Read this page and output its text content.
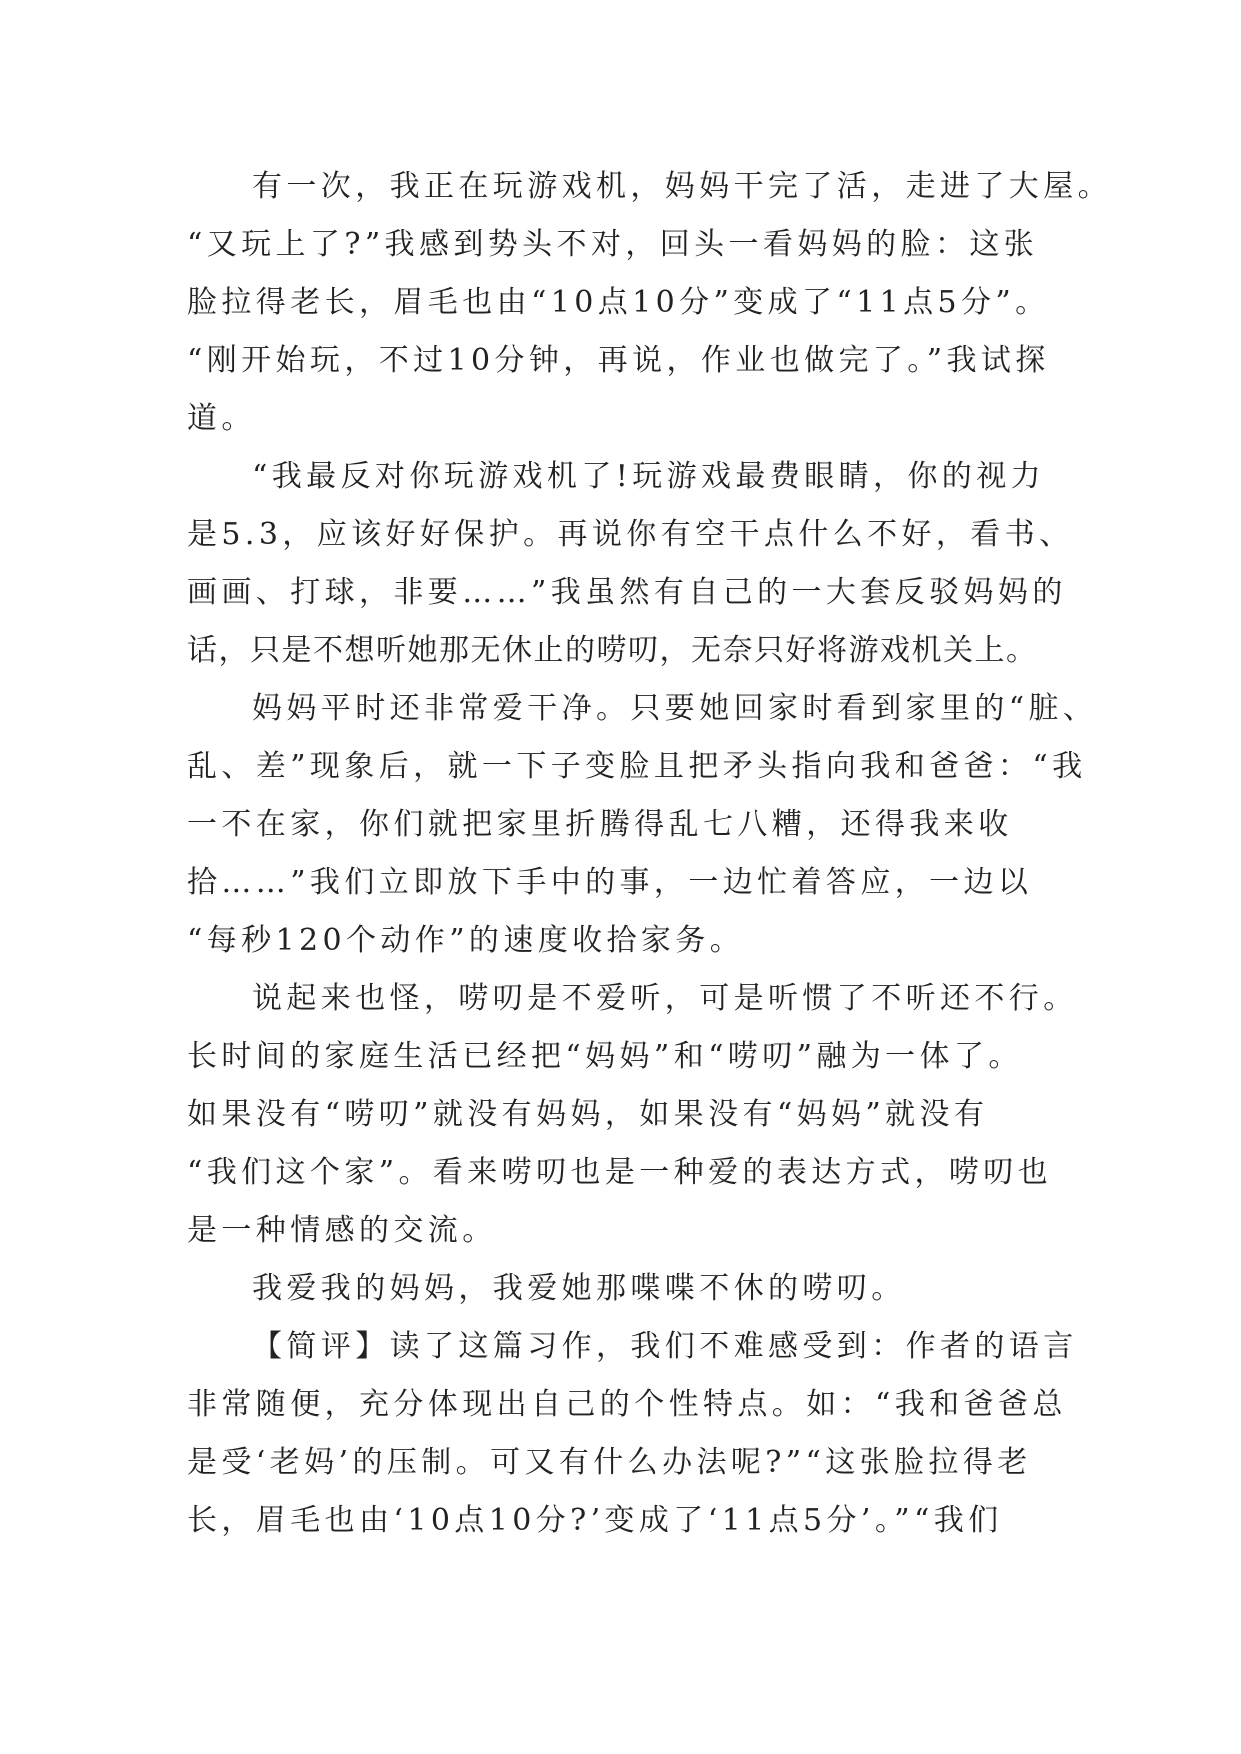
有一次，我正在玩游戏机，妈妈干完了活，走进了大屋。
“又玩上了?”我感到势头不对，回头一看妈妈的脸：这张
脸拉得老长，眉毛也由“10点10分”变成了“11点5分”。
“刚开始玩，不过10分钟，再说，作业也做完了。”我试探
道。
“我最反对你玩游戏机了!玩游戏最费眼睛，你的视力
是5.3，应该好好保护。再说你有空干点什么不好，看书、
画画、打球，非要……”我虽然有自己的一大套反驳妈妈的
话，只是不想听她那无休止的唠叨，无奈只好将游戏机关上。
妈妈平时还非常爱干净。只要她回家时看到家里的“脏、
乱、差”现象后，就一下子变脸且把矛头指向我和爸爸：“我
一不在家，你们就把家里折腾得乱七八糟，还得我来收
拾……”我们立即放下手中的事，一边忙着答应，一边以
“每秒120个动作”的速度收拾家务。
说起来也怪，唠叨是不爱听，可是听惯了不听还不行。
长时间的家庭生活已经把“妈妈”和“唠叨”融为一体了。
如果没有“唠叨”就没有妈妈，如果没有“妈妈”就没有
“我们这个家”。看来唠叨也是一种爱的表达方式，唠叨也
是一种情感的交流。
我爱我的妈妈，我爱她那喋喋不休的唠叨。
【简评】读了这篇习作，我们不难感受到：作者的语言
非常随便，充分体现出自己的个性特点。如：“我和爸爸总
是受‘老妈’的压制。可又有什么办法呢?”“这张脸拉得老
长，眉毛也由‘10点10分?’变成了‘11点5分’。”“我们
